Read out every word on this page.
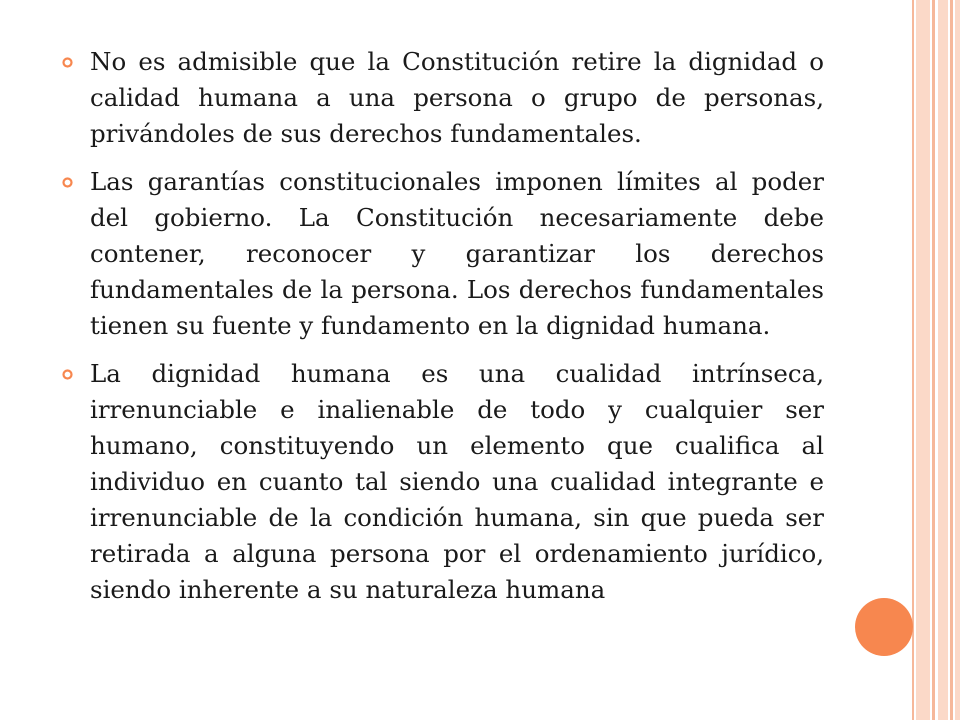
No es admisible que la Constitución retire la dignidad o calidad humana a una persona o grupo de personas, privándoles de sus derechos fundamentales.
Las garantías constitucionales imponen límites al poder del gobierno. La Constitución necesariamente debe contener, reconocer y garantizar los derechos fundamentales de la persona. Los derechos fundamentales tienen su fuente y fundamento en la dignidad humana.
La dignidad humana es una cualidad intrínseca, irrenunciable e inalienable de todo y cualquier ser humano, constituyendo un elemento que cualifica al individuo en cuanto tal siendo una cualidad integrante e irrenunciable de la condición humana, sin que pueda ser retirada a alguna persona por el ordenamiento jurídico, siendo inherente a su naturaleza humana
